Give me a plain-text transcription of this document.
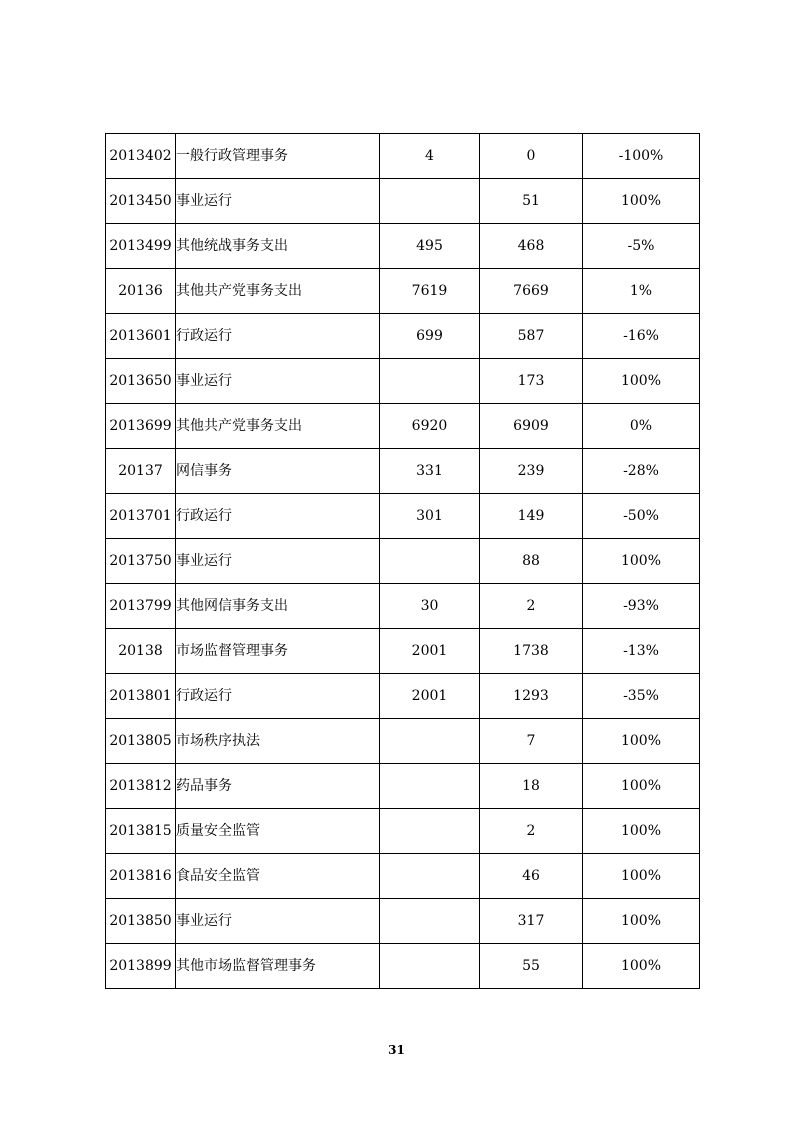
2013402	一般行政管理事务	4	0	-100%
2013450	事业运行		51	100%
2013499	其他统战事务支出	495	468	-5%
20136	其他共产党事务支出	7619	7669	1%
2013601	行政运行	699	587	-16%
2013650	事业运行		173	100%
2013699	其他共产党事务支出	6920	6909	0%
20137	网信事务	331	239	-28%
2013701	行政运行	301	149	-50%
2013750	事业运行		88	100%
2013799	其他网信事务支出	30	2	-93%
20138	市场监督管理事务	2001	1738	-13%
2013801	行政运行	2001	1293	-35%
2013805	市场秩序执法		7	100%
2013812	药品事务		18	100%
2013815	质量安全监管		2	100%
2013816	食品安全监管		46	100%
2013850	事业运行		317	100%
2013899	其他市场监督管理事务		55	100%
31
